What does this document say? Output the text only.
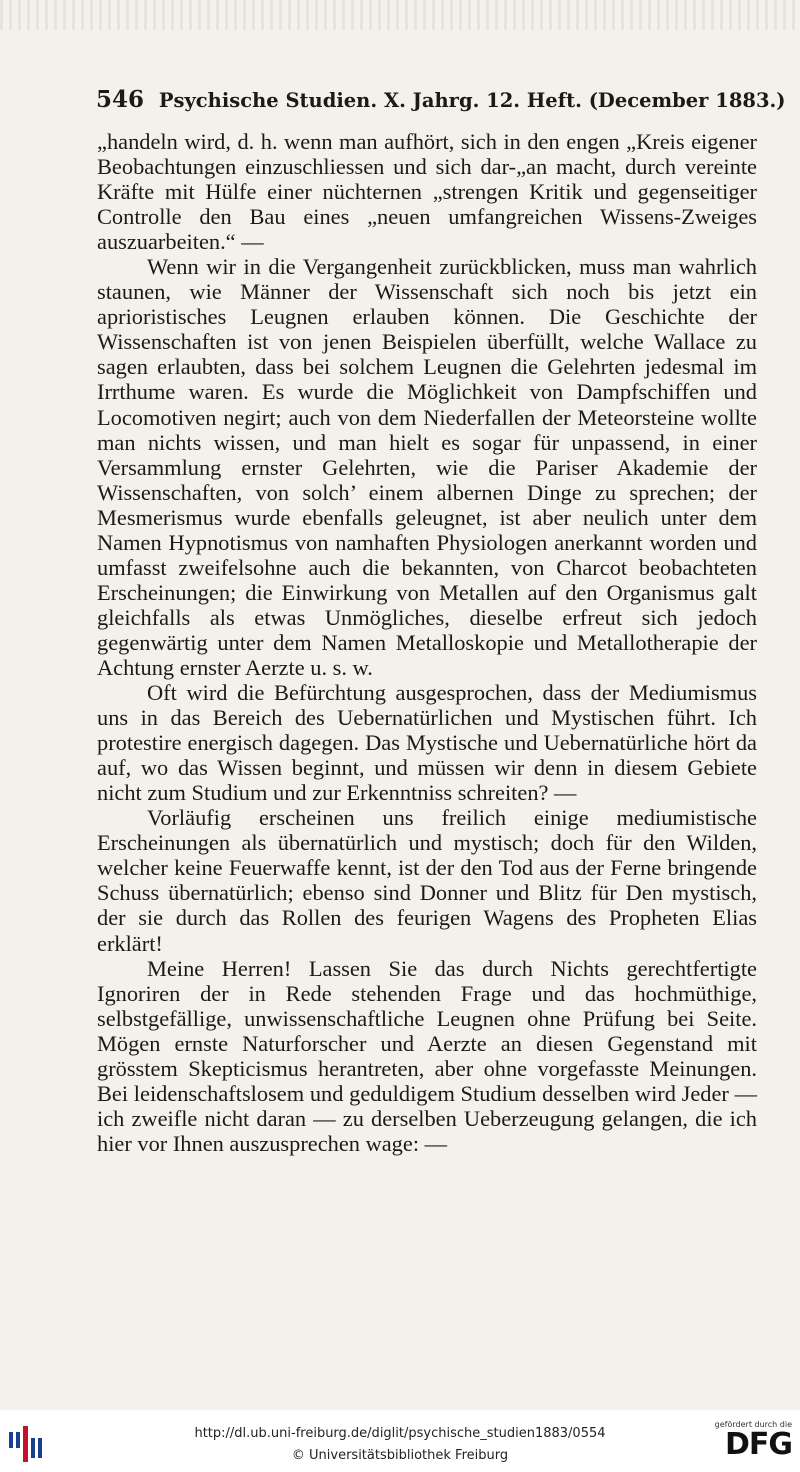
546 Psychische Studien. X. Jahrg. 12. Heft. (December 1883.)

„handeln wird, d. h. wenn man aufhört, sich in den engen „Kreis eigener Beobachtungen einzuschliessen und sich dar-„an macht, durch vereinte Kräfte mit Hülfe einer nüchternen „strengen Kritik und gegenseitiger Controlle den Bau eines „neuen umfangreichen Wissens-Zweiges auszuarbeiten.“ —

Wenn wir in die Vergangenheit zurückblicken, muss man wahrlich staunen, wie Männer der Wissenschaft sich noch bis jetzt ein aprioristisches Leugnen erlauben können. Die Geschichte der Wissenschaften ist von jenen Beispielen überfüllt, welche Wallace zu sagen erlaubten, dass bei solchem Leugnen die Gelehrten jedesmal im Irrthume waren. Es wurde die Möglichkeit von Dampfschiffen und Locomotiven negirt; auch von dem Niederfallen der Meteorsteine wollte man nichts wissen, und man hielt es sogar für unpassend, in einer Versammlung ernster Gelehrten, wie die Pariser Akademie der Wissenschaften, von solch’ einem albernen Dinge zu sprechen; der Mesmerismus wurde ebenfalls geleugnet, ist aber neulich unter dem Namen Hypnotismus von namhaften Physiologen anerkannt worden und umfasst zweifelsohne auch die bekannten, von Charcot beobachteten Erscheinungen; die Einwirkung von Metallen auf den Organismus galt gleichfalls als etwas Unmögliches, dieselbe erfreut sich jedoch gegenwärtig unter dem Namen Metalloskopie und Metallotherapie der Achtung ernster Aerzte u. s. w.

Oft wird die Befürchtung ausgesprochen, dass der Mediumismus uns in das Bereich des Uebernatürlichen und Mystischen führt. Ich protestire energisch dagegen. Das Mystische und Uebernatürliche hört da auf, wo das Wissen beginnt, und müssen wir denn in diesem Gebiete nicht zum Studium und zur Erkenntniss schreiten? —

Vorläufig erscheinen uns freilich einige mediumistische Erscheinungen als übernatürlich und mystisch; doch für den Wilden, welcher keine Feuerwaffe kennt, ist der den Tod aus der Ferne bringende Schuss übernatürlich; ebenso sind Donner und Blitz für Den mystisch, der sie durch das Rollen des feurigen Wagens des Propheten Elias erklärt!

Meine Herren! Lassen Sie das durch Nichts gerechtfertigte Ignoriren der in Rede stehenden Frage und das hochmüthige, selbstgefällige, unwissenschaftliche Leugnen ohne Prüfung bei Seite. Mögen ernste Naturforscher und Aerzte an diesen Gegenstand mit grösstem Skepticismus herantreten, aber ohne vorgefasste Meinungen. Bei leidenschaftslosem und geduldigem Studium desselben wird Jeder — ich zweifle nicht daran — zu derselben Ueberzeugung gelangen, die ich hier vor Ihnen auszusprechen wage: —

http://dl.ub.uni-freiburg.de/diglit/psychische_studien1883/0554
© Universitätsbibliothek Freiburg
gefördert durch die
DFG
